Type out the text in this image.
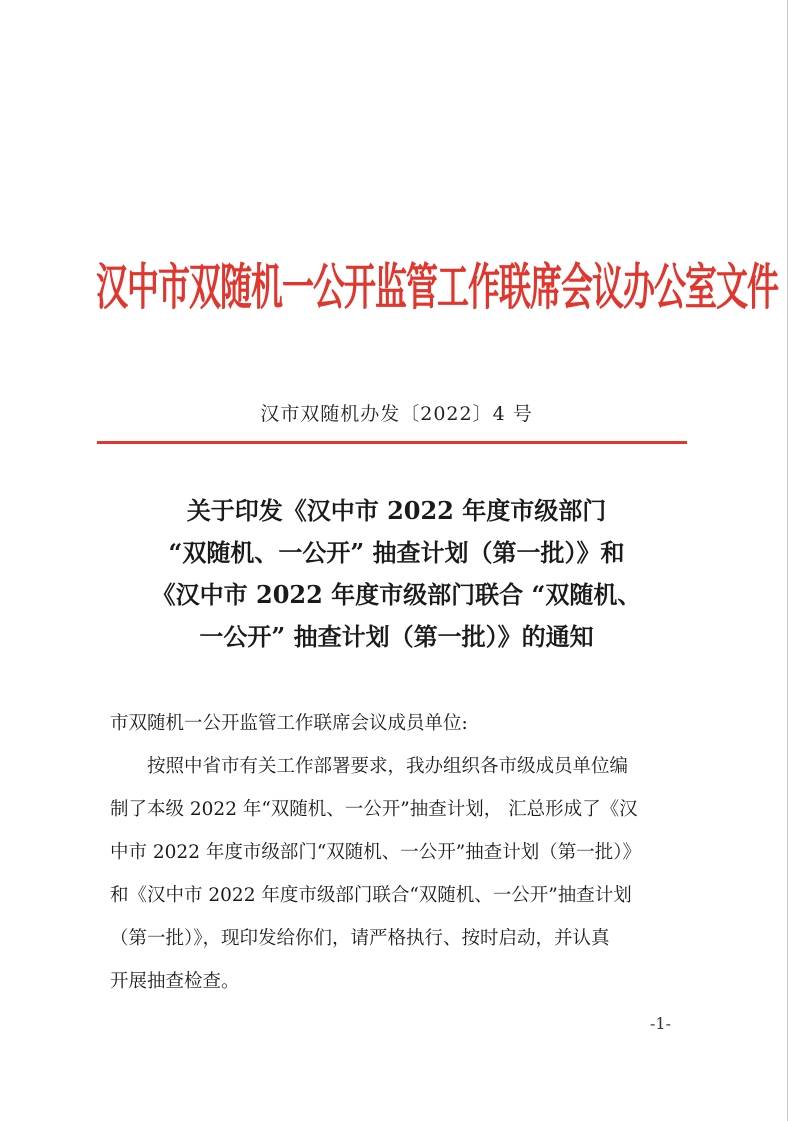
汉中市双随机一公开监管工作联席会议办公室文件
汉市双随机办发〔2022〕4 号
关于印发《汉中市 2022 年度市级部门
“双随机、一公开” 抽查计划（第一批）》和
《汉中市 2022 年度市级部门联合 “双随机、
一公开” 抽查计划（第一批）》的通知
市双随机一公开监管工作联席会议成员单位:
按照中省市有关工作部署要求，我办组织各市级成员单位编
制了本级 2022 年“双随机、一公开”抽查计划， 汇总形成了《汉
中市 2022 年度市级部门“双随机、一公开”抽查计划（第一批）》
和《汉中市 2022 年度市级部门联合“双随机、一公开”抽查计划
（第一批）》，现印发给你们，请严格执行、按时启动，并认真
开展抽查检查。
-1-
